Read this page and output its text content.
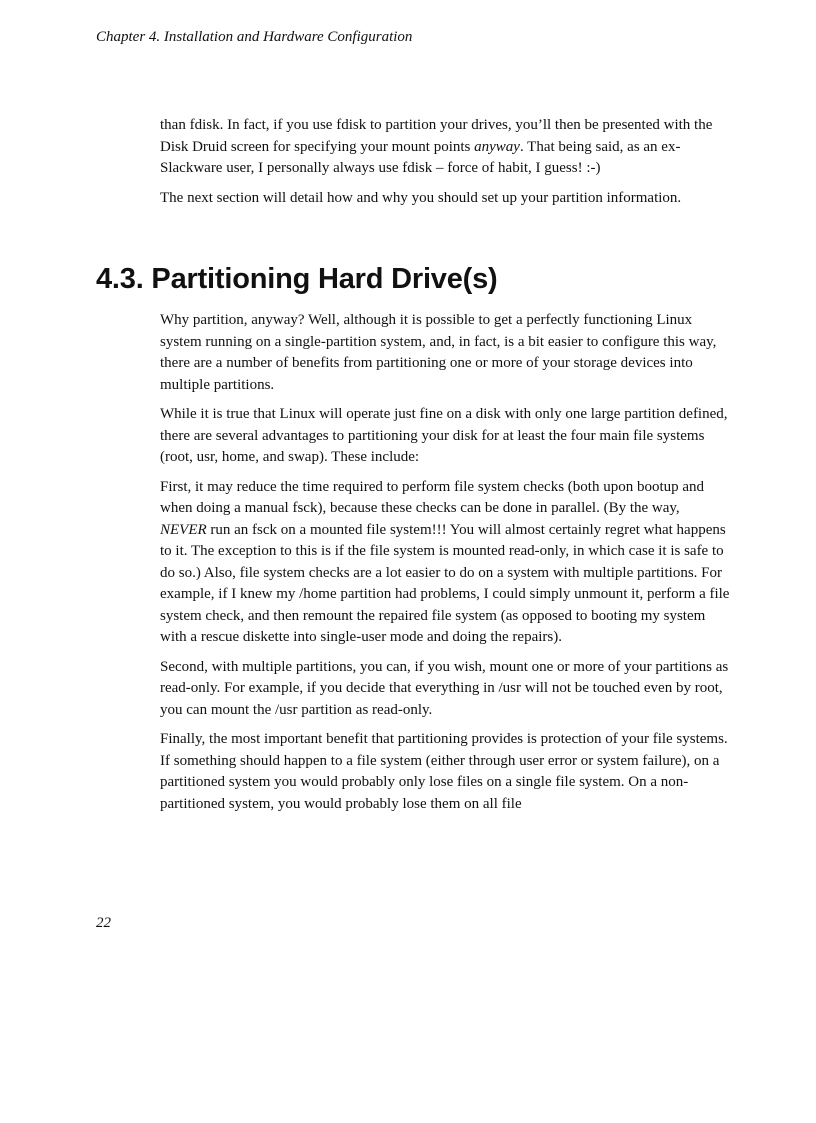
Chapter 4. Installation and Hardware Configuration

than fdisk. In fact, if you use fdisk to partition your drives, you’ll then be presented with the Disk Druid screen for specifying your mount points anyway. That being said, as an ex-Slackware user, I personally always use fdisk – force of habit, I guess! :-)

The next section will detail how and why you should set up your partition information.

4.3. Partitioning Hard Drive(s)

Why partition, anyway? Well, although it is possible to get a perfectly functioning Linux system running on a single-partition system, and, in fact, is a bit easier to configure this way, there are a number of benefits from partitioning one or more of your storage devices into multiple partitions.

While it is true that Linux will operate just fine on a disk with only one large partition defined, there are several advantages to partitioning your disk for at least the four main file systems (root, usr, home, and swap). These include:

First, it may reduce the time required to perform file system checks (both upon bootup and when doing a manual fsck), because these checks can be done in parallel. (By the way, NEVER run an fsck on a mounted file system!!! You will almost certainly regret what happens to it. The exception to this is if the file system is mounted read-only, in which case it is safe to do so.) Also, file system checks are a lot easier to do on a system with multiple partitions. For example, if I knew my /home partition had problems, I could simply unmount it, perform a file system check, and then remount the repaired file system (as opposed to booting my system with a rescue diskette into single-user mode and doing the repairs).

Second, with multiple partitions, you can, if you wish, mount one or more of your partitions as read-only. For example, if you decide that everything in /usr will not be touched even by root, you can mount the /usr partition as read-only.

Finally, the most important benefit that partitioning provides is protection of your file systems. If something should happen to a file system (either through user error or system failure), on a partitioned system you would probably only lose files on a single file system. On a non-partitioned system, you would probably lose them on all file

22
